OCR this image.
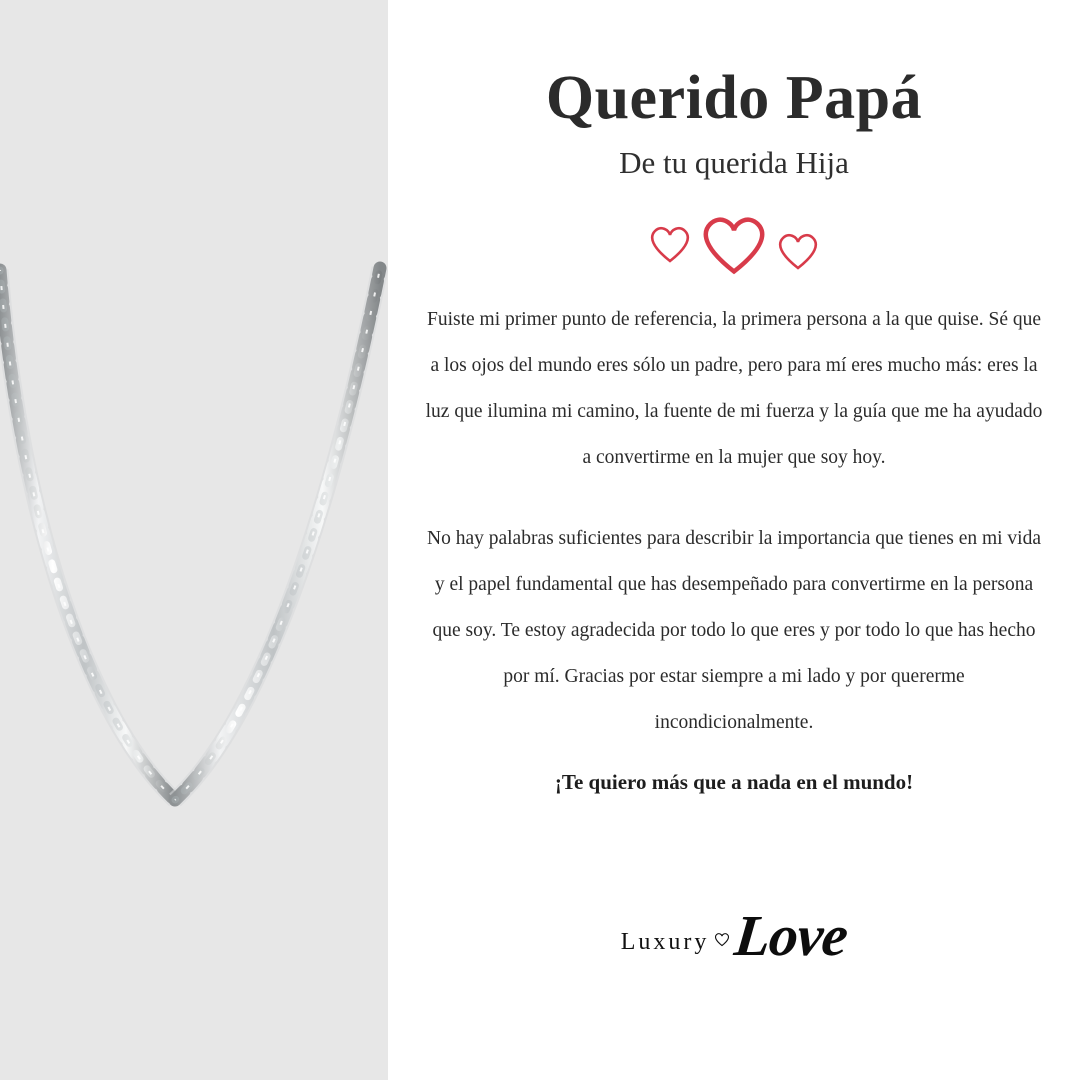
Querido Papá
De tu querida Hija

Fuiste mi primer punto de referencia, la primera persona a la que quise. Sé que a los ojos del mundo eres sólo un padre, pero para mí eres mucho más: eres la luz que ilumina mi camino, la fuente de mi fuerza y la guía que me ha ayudado a convertirme en la mujer que soy hoy.

No hay palabras suficientes para describir la importancia que tienes en mi vida y el papel fundamental que has desempeñado para convertirme en la persona que soy. Te estoy agradecida por todo lo que eres y por todo lo que has hecho por mí. Gracias por estar siempre a mi lado y por quererme incondicionalmente.

¡Te quiero más que a nada en el mundo!

Luxury Love
